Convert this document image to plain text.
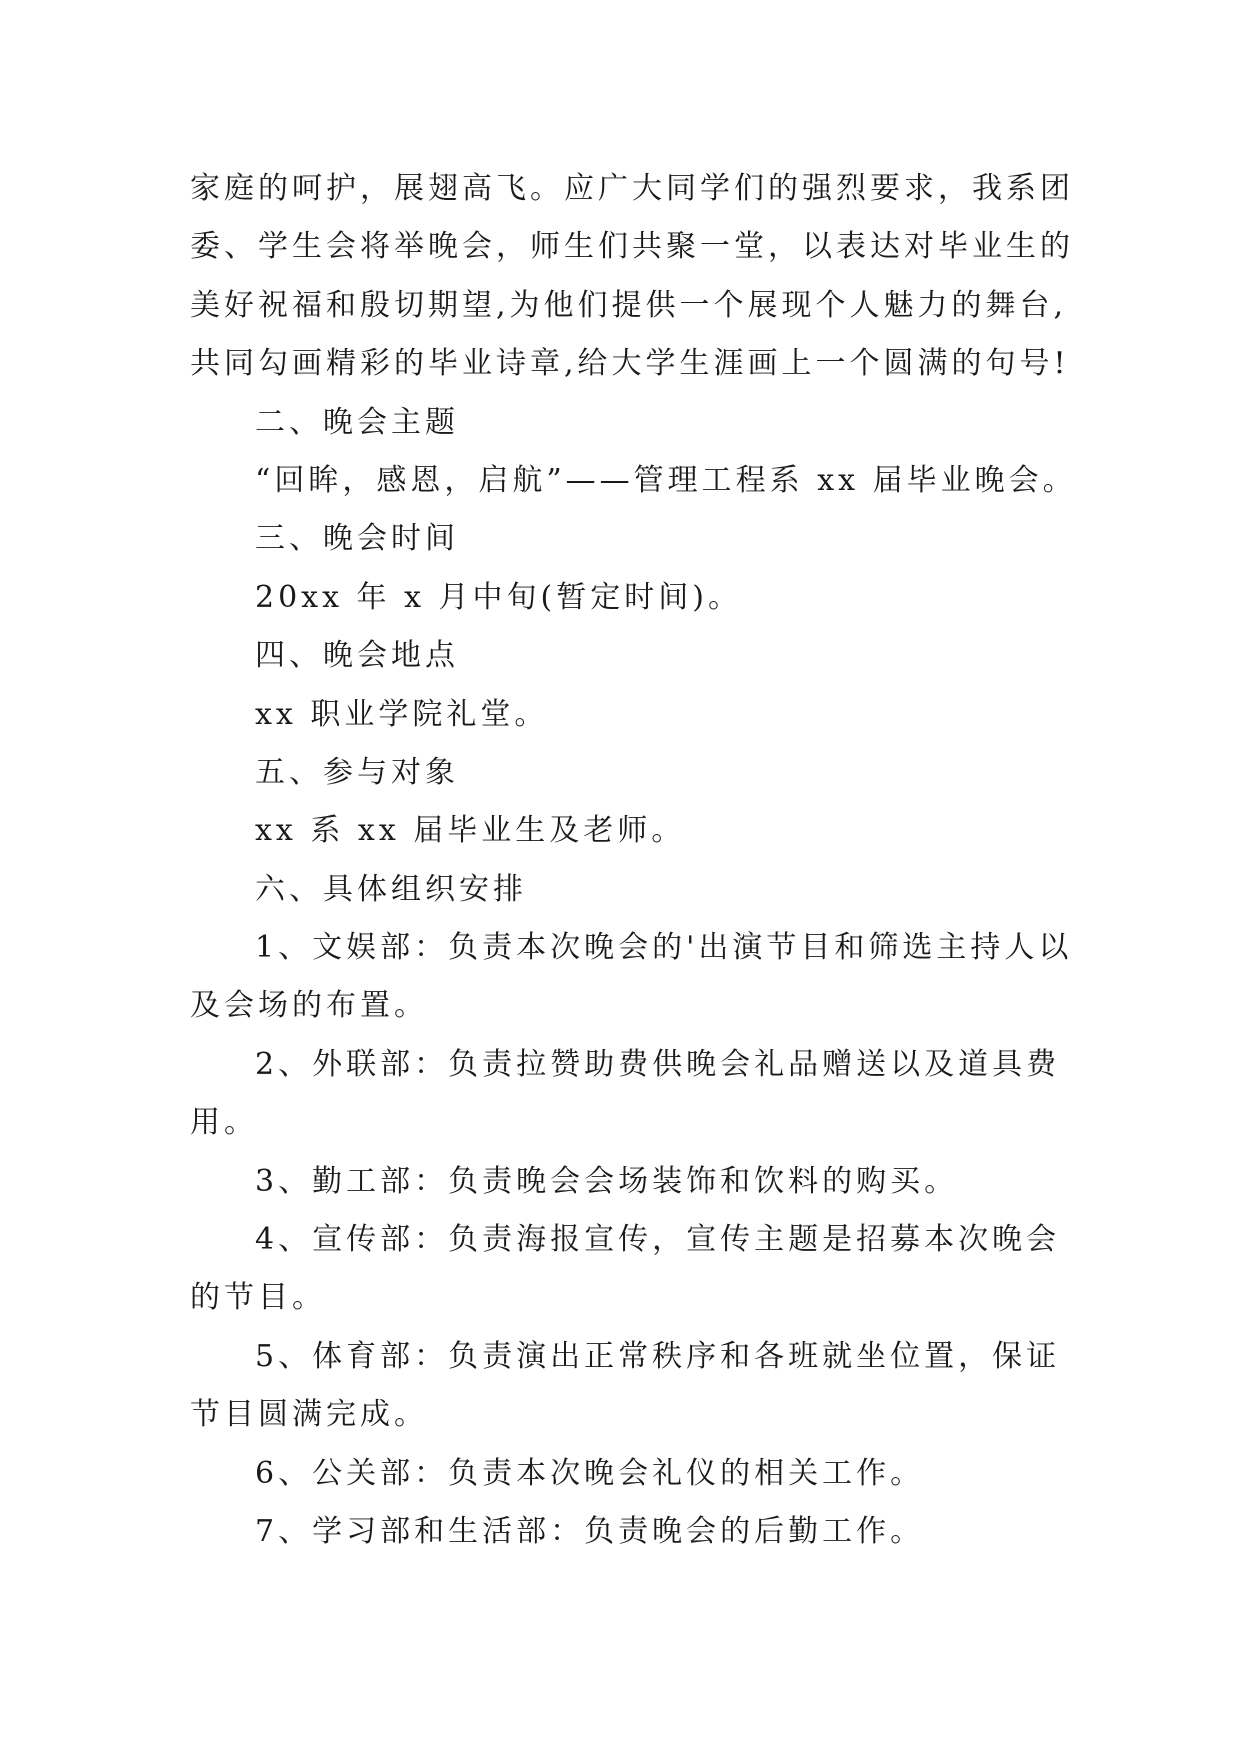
家庭的呵护，展翅高飞。应广大同学们的强烈要求，我系团
委、学生会将举晚会，师生们共聚一堂，以表达对毕业生的
美好祝福和殷切期望,为他们提供一个展现个人魅力的舞台,
共同勾画精彩的毕业诗章,给大学生涯画上一个圆满的句号!
二、晚会主题
“回眸，感恩，启航”——管理工程系 xx 届毕业晚会。
三、晚会时间
20xx 年 x 月中旬(暂定时间)。
四、晚会地点
xx 职业学院礼堂。
五、参与对象
xx 系 xx 届毕业生及老师。
六、具体组织安排
1、文娱部：负责本次晚会的'出演节目和筛选主持人以
及会场的布置。
2、外联部：负责拉赞助费供晚会礼品赠送以及道具费
用。
3、勤工部：负责晚会会场装饰和饮料的购买。
4、宣传部：负责海报宣传，宣传主题是招募本次晚会
的节目。
5、体育部：负责演出正常秩序和各班就坐位置，保证
节目圆满完成。
6、公关部：负责本次晚会礼仪的相关工作。
7、学习部和生活部：负责晚会的后勤工作。
